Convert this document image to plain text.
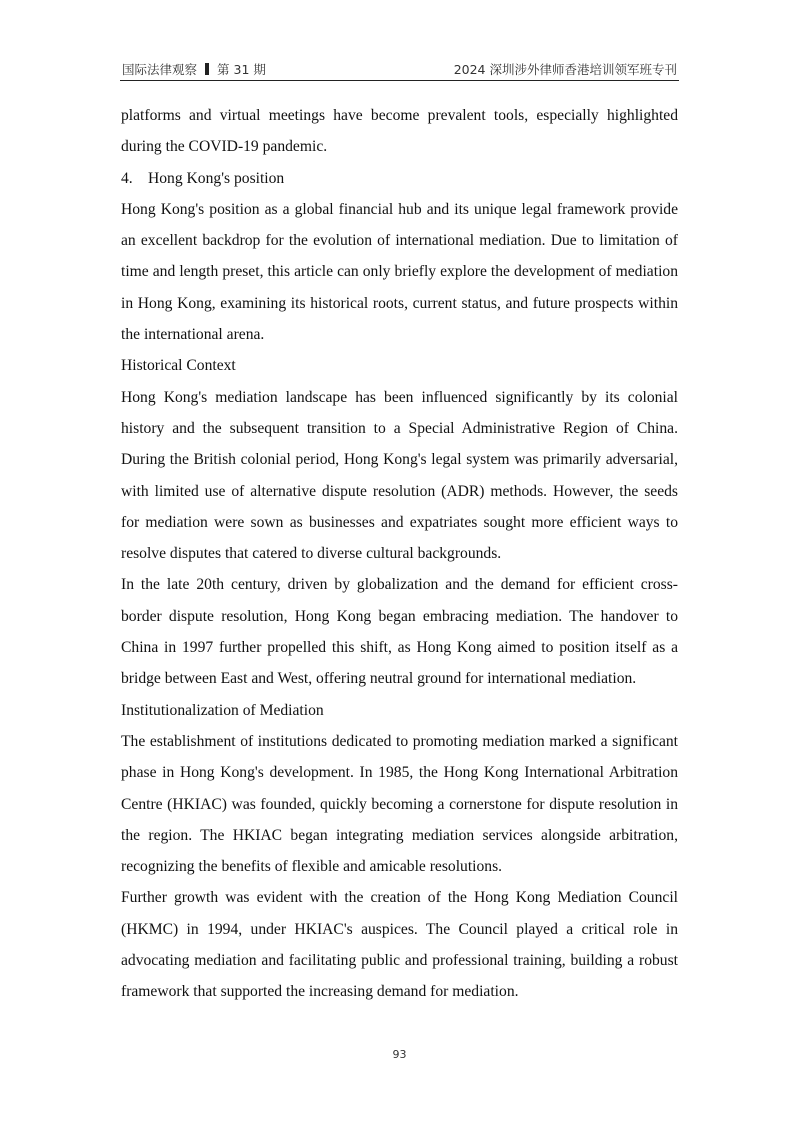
国际法律观察 第 31 期	2024 深圳涉外律师香港培训领军班专刊

platforms and virtual meetings have become prevalent tools, especially highlighted during the COVID-19 pandemic.

4. Hong Kong's position

Hong Kong's position as a global financial hub and its unique legal framework provide an excellent backdrop for the evolution of international mediation. Due to limitation of time and length preset, this article can only briefly explore the development of mediation in Hong Kong, examining its historical roots, current status, and future prospects within the international arena.

Historical Context

Hong Kong's mediation landscape has been influenced significantly by its colonial history and the subsequent transition to a Special Administrative Region of China. During the British colonial period, Hong Kong's legal system was primarily adversarial, with limited use of alternative dispute resolution (ADR) methods. However, the seeds for mediation were sown as businesses and expatriates sought more efficient ways to resolve disputes that catered to diverse cultural backgrounds.

In the late 20th century, driven by globalization and the demand for efficient cross-border dispute resolution, Hong Kong began embracing mediation. The handover to China in 1997 further propelled this shift, as Hong Kong aimed to position itself as a bridge between East and West, offering neutral ground for international mediation.

Institutionalization of Mediation

The establishment of institutions dedicated to promoting mediation marked a significant phase in Hong Kong's development. In 1985, the Hong Kong International Arbitration Centre (HKIAC) was founded, quickly becoming a cornerstone for dispute resolution in the region. The HKIAC began integrating mediation services alongside arbitration, recognizing the benefits of flexible and amicable resolutions.

Further growth was evident with the creation of the Hong Kong Mediation Council (HKMC) in 1994, under HKIAC's auspices. The Council played a critical role in advocating mediation and facilitating public and professional training, building a robust framework that supported the increasing demand for mediation.

93
